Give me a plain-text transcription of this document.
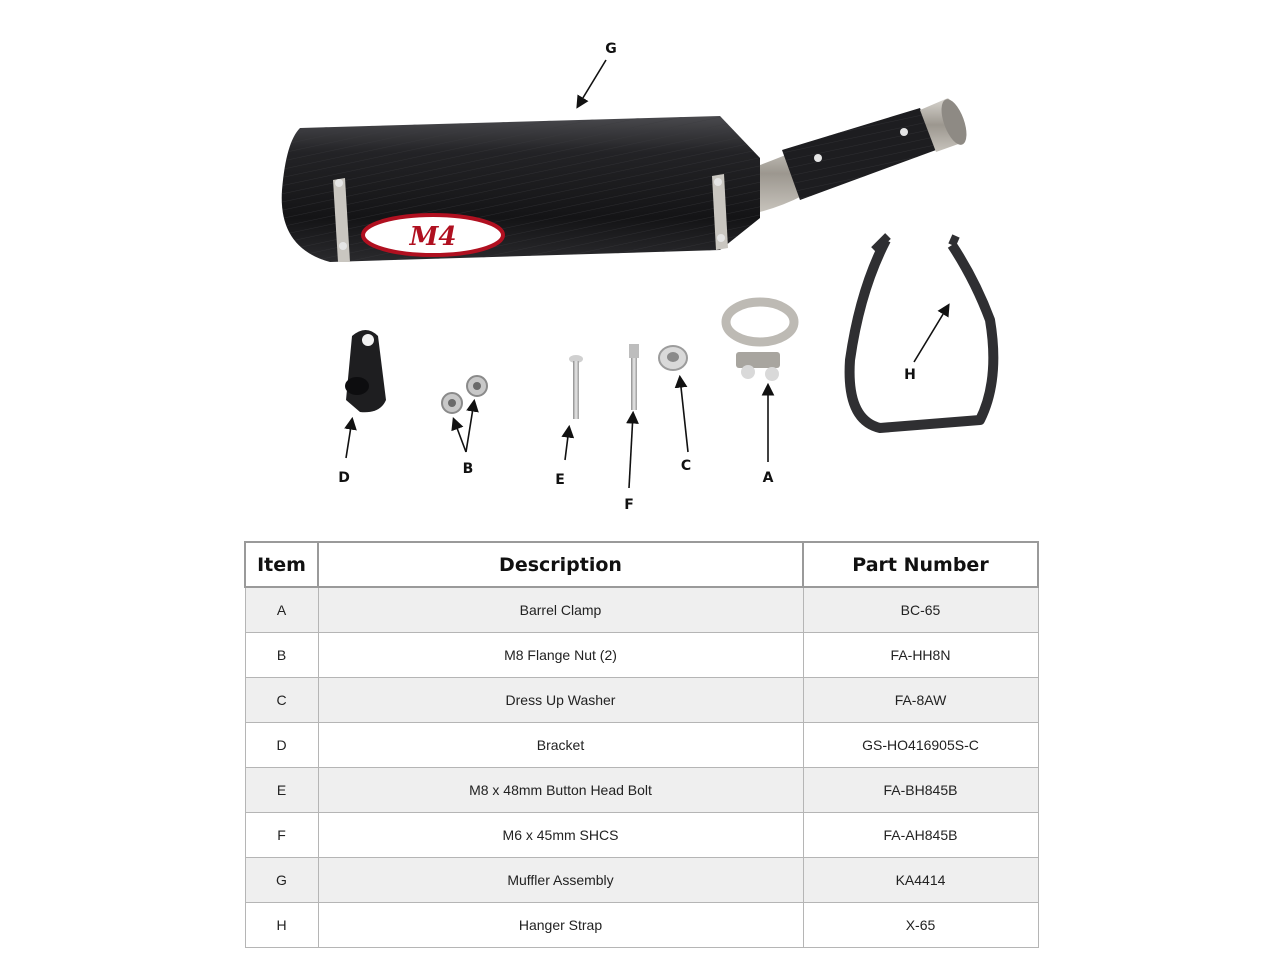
M4
G
H
A
C
F
E
B
D
Item	Description	Part Number
A	Barrel Clamp	BC-65
B	M8 Flange Nut (2)	FA-HH8N
C	Dress Up Washer	FA-8AW
D	Bracket	GS-HO416905S-C
E	M8 x 48mm Button Head Bolt	FA-BH845B
F	M6 x 45mm SHCS	FA-AH845B
G	Muffler Assembly	KA4414
H	Hanger Strap	X-65
